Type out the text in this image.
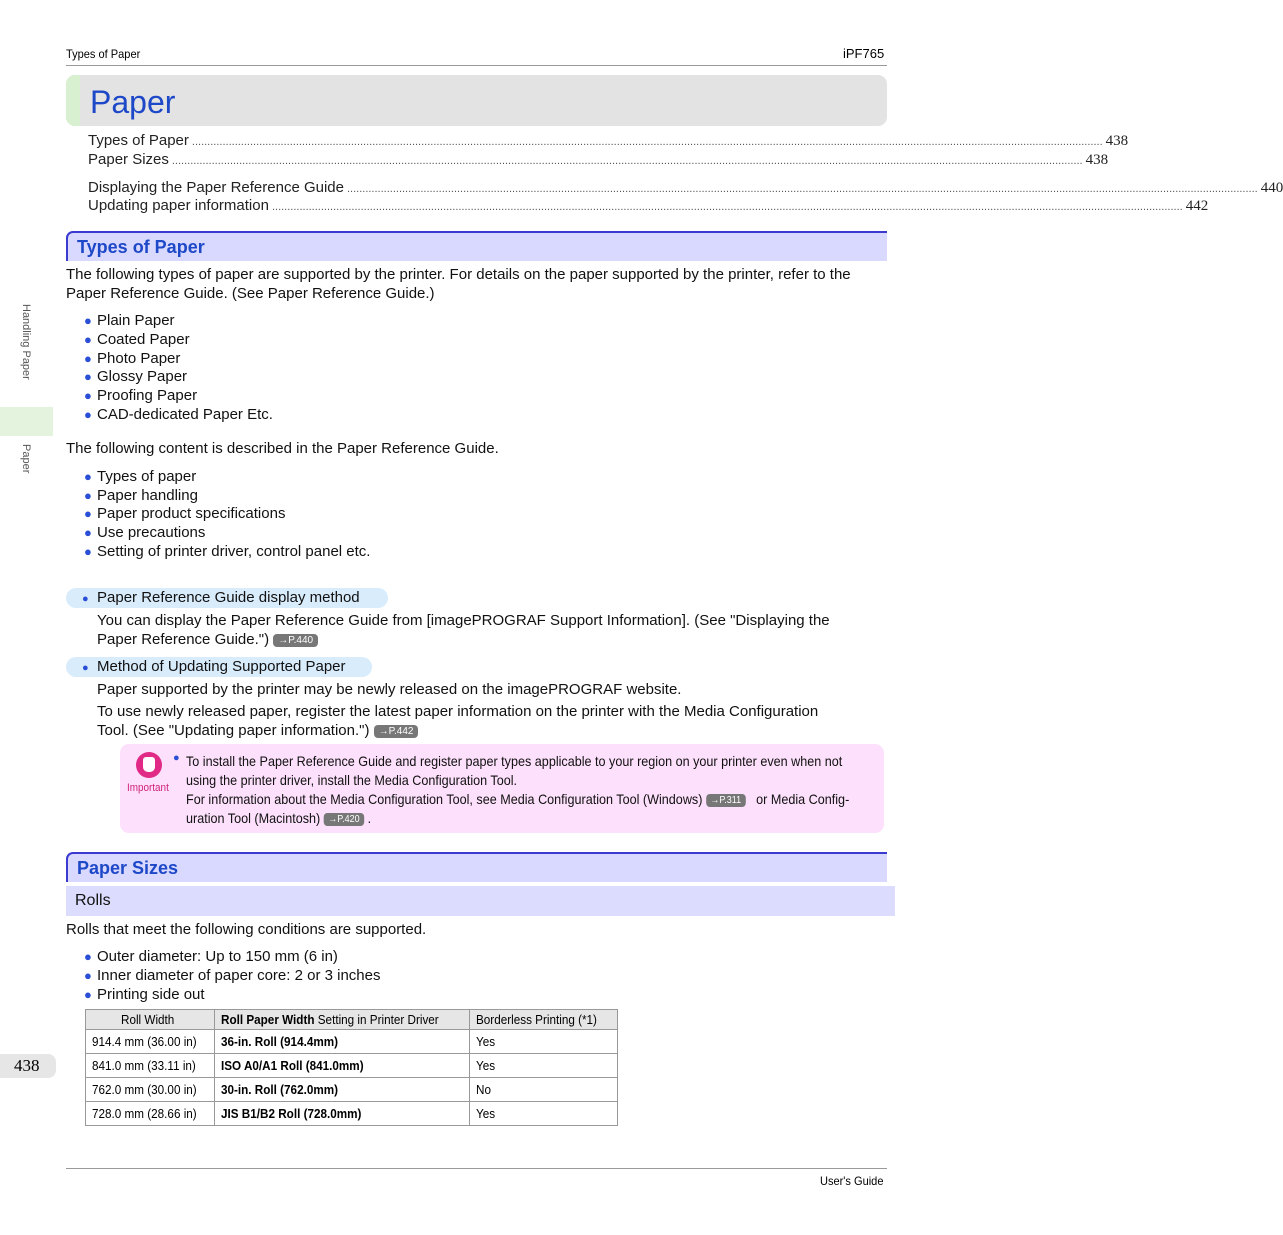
Types of Paper	iPF765
Paper
Types of Paper .......................................................................................................................................................................................................................................................................................................... 438
Paper Sizes .......................................................................................................................................................................................................................................................................................................... 438
Displaying the Paper Reference Guide .......................................................................................................................................................................................................................................................................................................... 440
Updating paper information .......................................................................................................................................................................................................................................................................................................... 442
Types of Paper
The following types of paper are supported by the printer. For details on the paper supported by the printer, refer to the
Paper Reference Guide. (See Paper Reference Guide.)
● Plain Paper
● Coated Paper
● Photo Paper
● Glossy Paper
● Proofing Paper
● CAD-dedicated Paper Etc.
The following content is described in the Paper Reference Guide.
● Types of paper
● Paper handling
● Paper product specifications
● Use precautions
● Setting of printer driver, control panel etc.
● Paper Reference Guide display method
You can display the Paper Reference Guide from [imagePROGRAF Support Information]. (See "Displaying the
Paper Reference Guide.") →P.440
● Method of Updating Supported Paper
Paper supported by the printer may be newly released on the imagePROGRAF website.
To use newly released paper, register the latest paper information on the printer with the Media Configuration
Tool. (See "Updating paper information.") →P.442
Important
● To install the Paper Reference Guide and register paper types applicable to your region on your printer even when not
using the printer driver, install the Media Configuration Tool.
For information about the Media Configuration Tool, see Media Configuration Tool (Windows) →P.311 or Media Config-
uration Tool (Macintosh) →P.420 .
Paper Sizes
Rolls
Rolls that meet the following conditions are supported.
● Outer diameter: Up to 150 mm (6 in)
● Inner diameter of paper core: 2 or 3 inches
● Printing side out
Roll Width	Roll Paper Width Setting in Printer Driver	Borderless Printing (*1)
914.4 mm (36.00 in)	36-in. Roll (914.4mm)	Yes
841.0 mm (33.11 in)	ISO A0/A1 Roll (841.0mm)	Yes
762.0 mm (30.00 in)	30-in. Roll (762.0mm)	No
728.0 mm (28.66 in)	JIS B1/B2 Roll (728.0mm)	Yes
Handling Paper
Paper
438
User's Guide
